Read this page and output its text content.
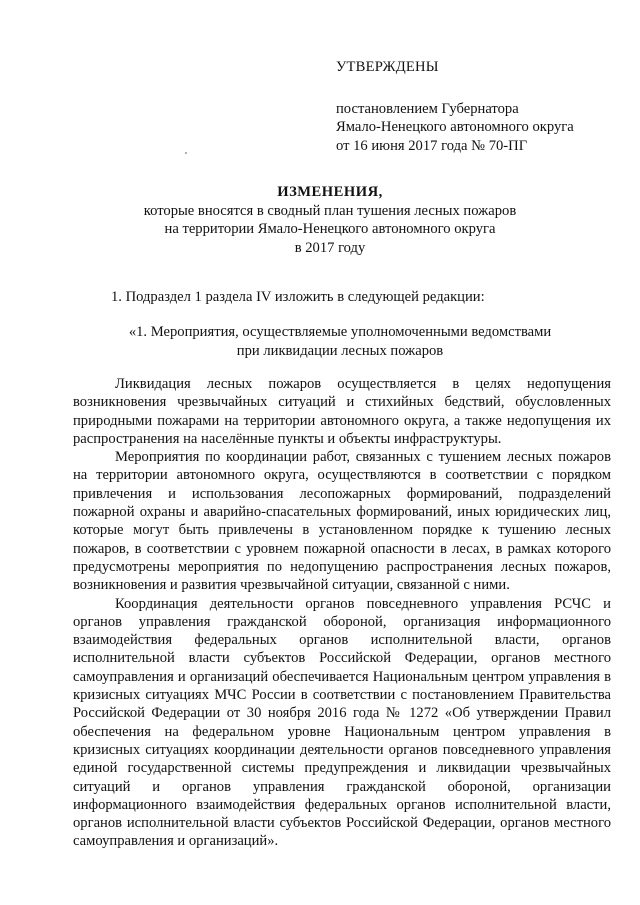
УТВЕРЖДЕНЫ
постановлением Губернатора
Ямало-Ненецкого автономного округа
от 16 июня 2017 года № 70-ПГ
ИЗМЕНЕНИЯ,
которые вносятся в сводный план тушения лесных пожаров
на территории Ямало-Ненецкого автономного округа
в 2017 году
1. Подраздел 1 раздела IV изложить в следующей редакции:
«1. Мероприятия, осуществляемые уполномоченными ведомствами
при ликвидации лесных пожаров

Ликвидация лесных пожаров осуществляется в целях недопущения возникновения чрезвычайных ситуаций и стихийных бедствий, обусловленных природными пожарами на территории автономного округа, а также недопущения их распространения на населённые пункты и объекты инфраструктуры.

Мероприятия по координации работ, связанных с тушением лесных пожаров на территории автономного округа, осуществляются в соответствии с порядком привлечения и использования лесопожарных формирований, подразделений пожарной охраны и аварийно-спасательных формирований, иных юридических лиц, которые могут быть привлечены в установленном порядке к тушению лесных пожаров, в соответствии с уровнем пожарной опасности в лесах, в рамках которого предусмотрены мероприятия по недопущению распространения лесных пожаров, возникновения и развития чрезвычайной ситуации, связанной с ними.

Координация деятельности органов повседневного управления РСЧС и органов управления гражданской обороной, организация информационного взаимодействия федеральных органов исполнительной власти, органов исполнительной власти субъектов Российской Федерации, органов местного самоуправления и организаций обеспечивается Национальным центром управления в кризисных ситуациях МЧС России в соответствии с постановлением Правительства Российской Федерации от 30 ноября 2016 года № 1272 «Об утверждении Правил обеспечения на федеральном уровне Национальным центром управления в кризисных ситуациях координации деятельности органов повседневного управления единой государственной системы предупреждения и ликвидации чрезвычайных ситуаций и органов управления гражданской обороной, организации информационного взаимодействия федеральных органов исполнительной власти, органов исполнительной власти субъектов Российской Федерации, органов местного самоуправления и организаций».
